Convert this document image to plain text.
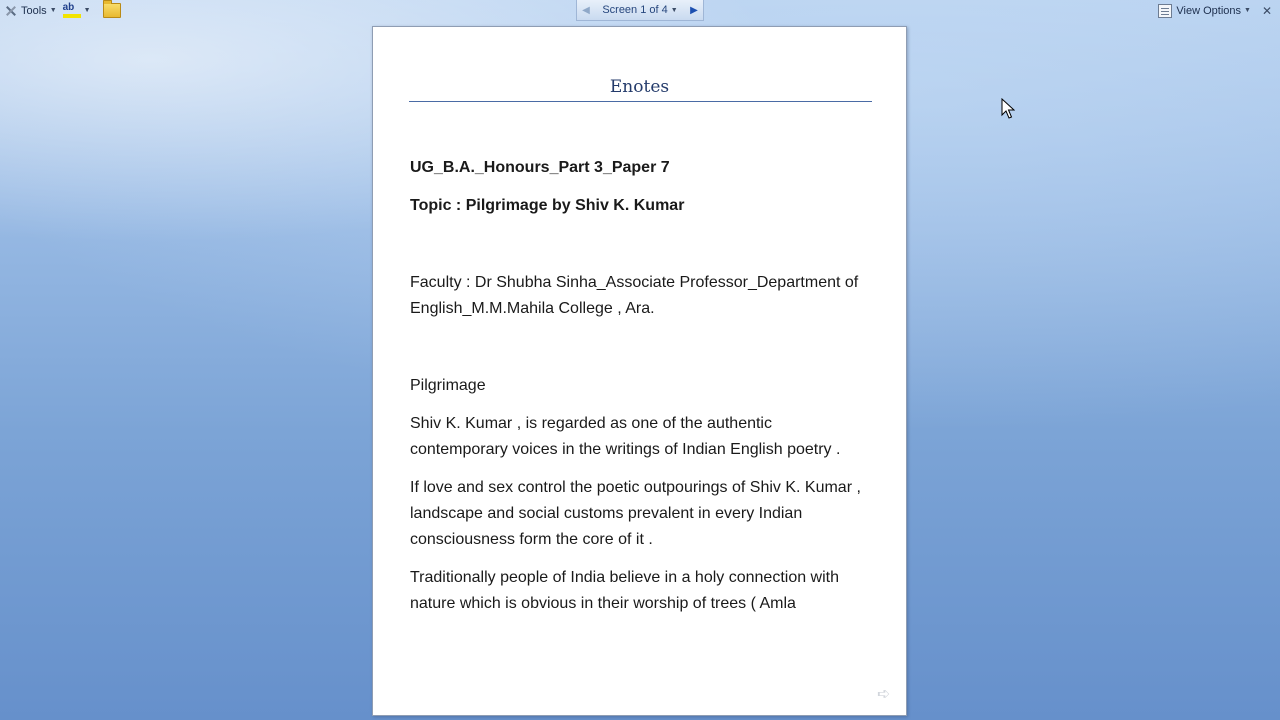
Tools ▼ ab	▼	◀	Screen 1 of 4 ▼	▶	View Options ▼ ✕
Enotes

UG_B.A._Honours_Part 3_Paper 7

Topic : Pilgrimage by Shiv K. Kumar

Faculty : Dr Shubha Sinha_Associate Professor_Department of English_M.M.Mahila College , Ara.

Pilgrimage

Shiv K. Kumar , is regarded as one of the authentic contemporary voices in the writings of Indian English poetry .

If love and sex control the poetic outpourings of Shiv K. Kumar , landscape and social customs prevalent in every Indian consciousness form the core of it .

Traditionally people of India believe in a holy connection with nature which is obvious in their worship of trees ( Amla

➪
